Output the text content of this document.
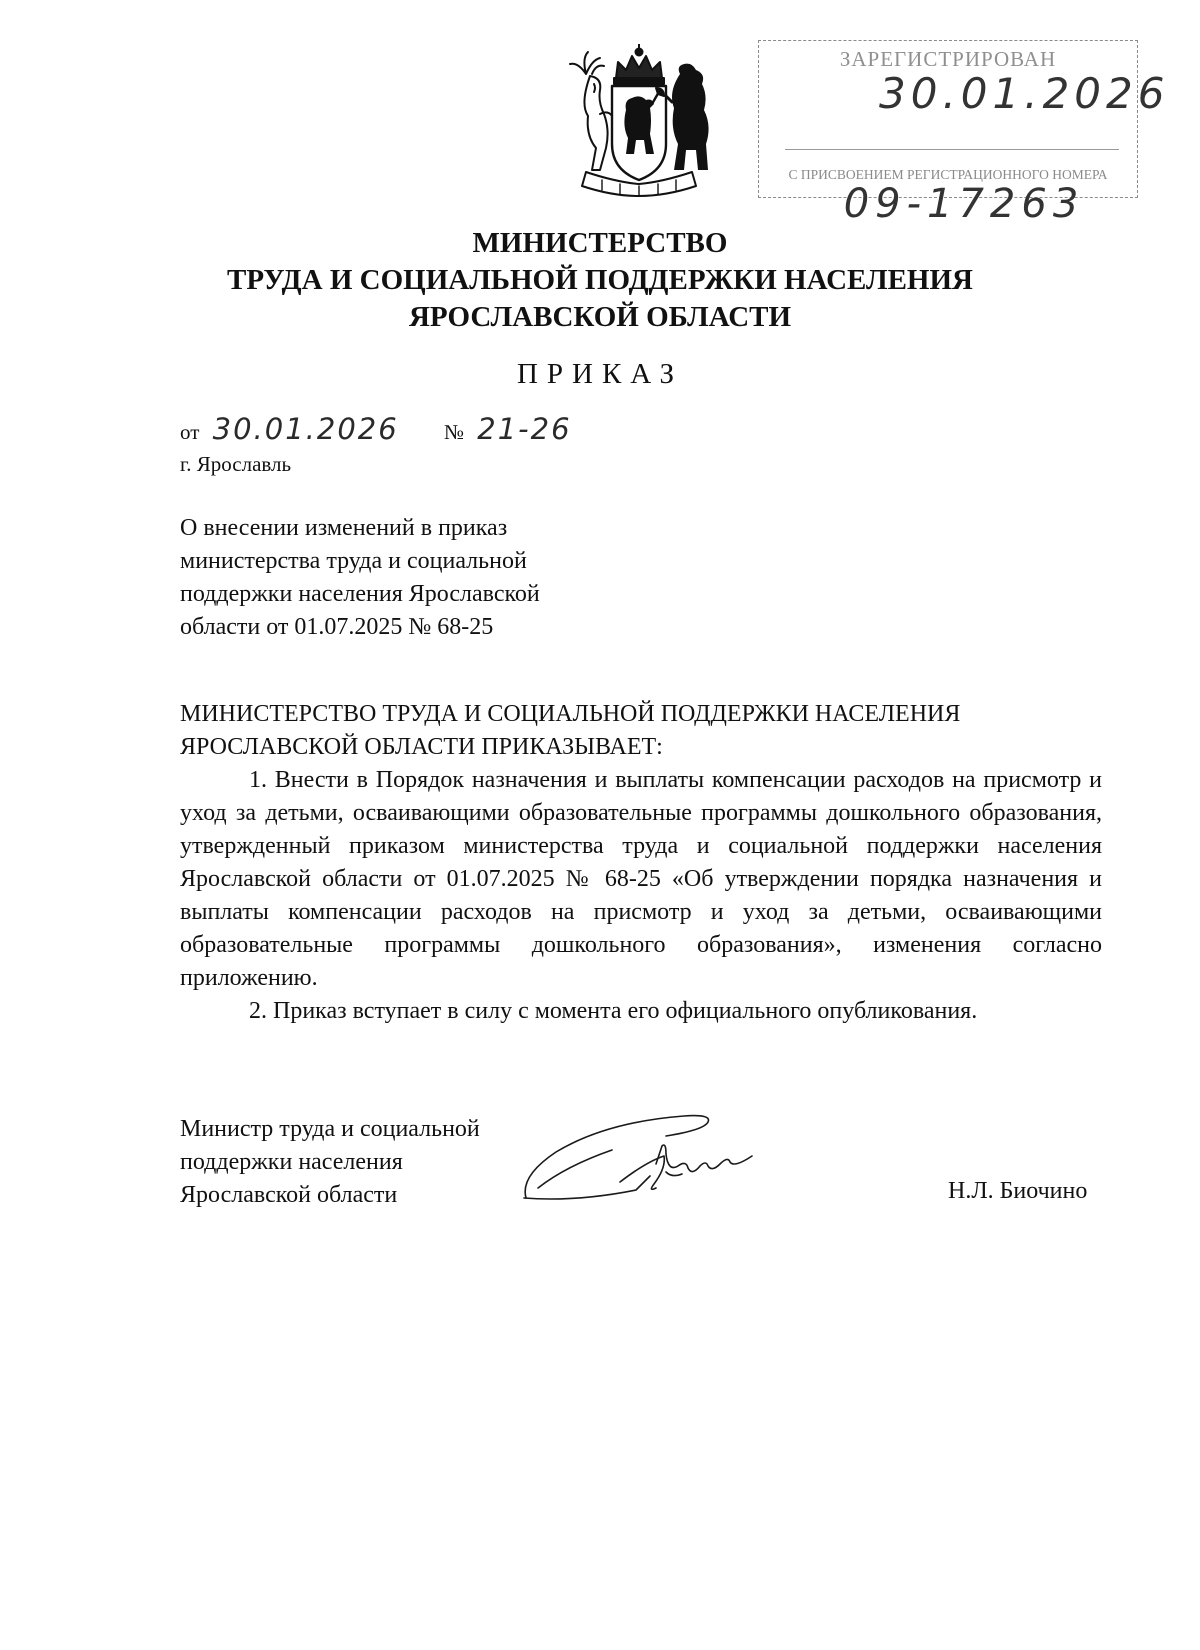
ЗАРЕГИСТРИРОВАН
30.01.2026
С ПРИСВОЕНИЕМ РЕГИСТРАЦИОННОГО НОМЕРА
09-17263
МИНИСТЕРСТВО
ТРУДА И СОЦИАЛЬНОЙ ПОДДЕРЖКИ НАСЕЛЕНИЯ
ЯРОСЛАВСКОЙ ОБЛАСТИ
ПРИКАЗ
от 30.01.2026 № 21-26
г. Ярославль
О внесении изменений в приказ
министерства труда и социальной
поддержки населения Ярославской
области от 01.07.2025 № 68-25

МИНИСТЕРСТВО ТРУДА И СОЦИАЛЬНОЙ ПОДДЕРЖКИ НАСЕЛЕНИЯ ЯРОСЛАВСКОЙ ОБЛАСТИ ПРИКАЗЫВАЕТ:

1. Внести в Порядок назначения и выплаты компенсации расходов на присмотр и уход за детьми, осваивающими образовательные программы дошкольного образования, утвержденный приказом министерства труда и социальной поддержки населения Ярославской области от 01.07.2025 № 68-25 «Об утверждении порядка назначения и выплаты компенсации расходов на присмотр и уход за детьми, осваивающими образовательные программы дошкольного образования», изменения согласно приложению.

2. Приказ вступает в силу с момента его официального опубликования.

Министр труда и социальной
поддержки населения
Ярославской области	Н.Л. Биочино
